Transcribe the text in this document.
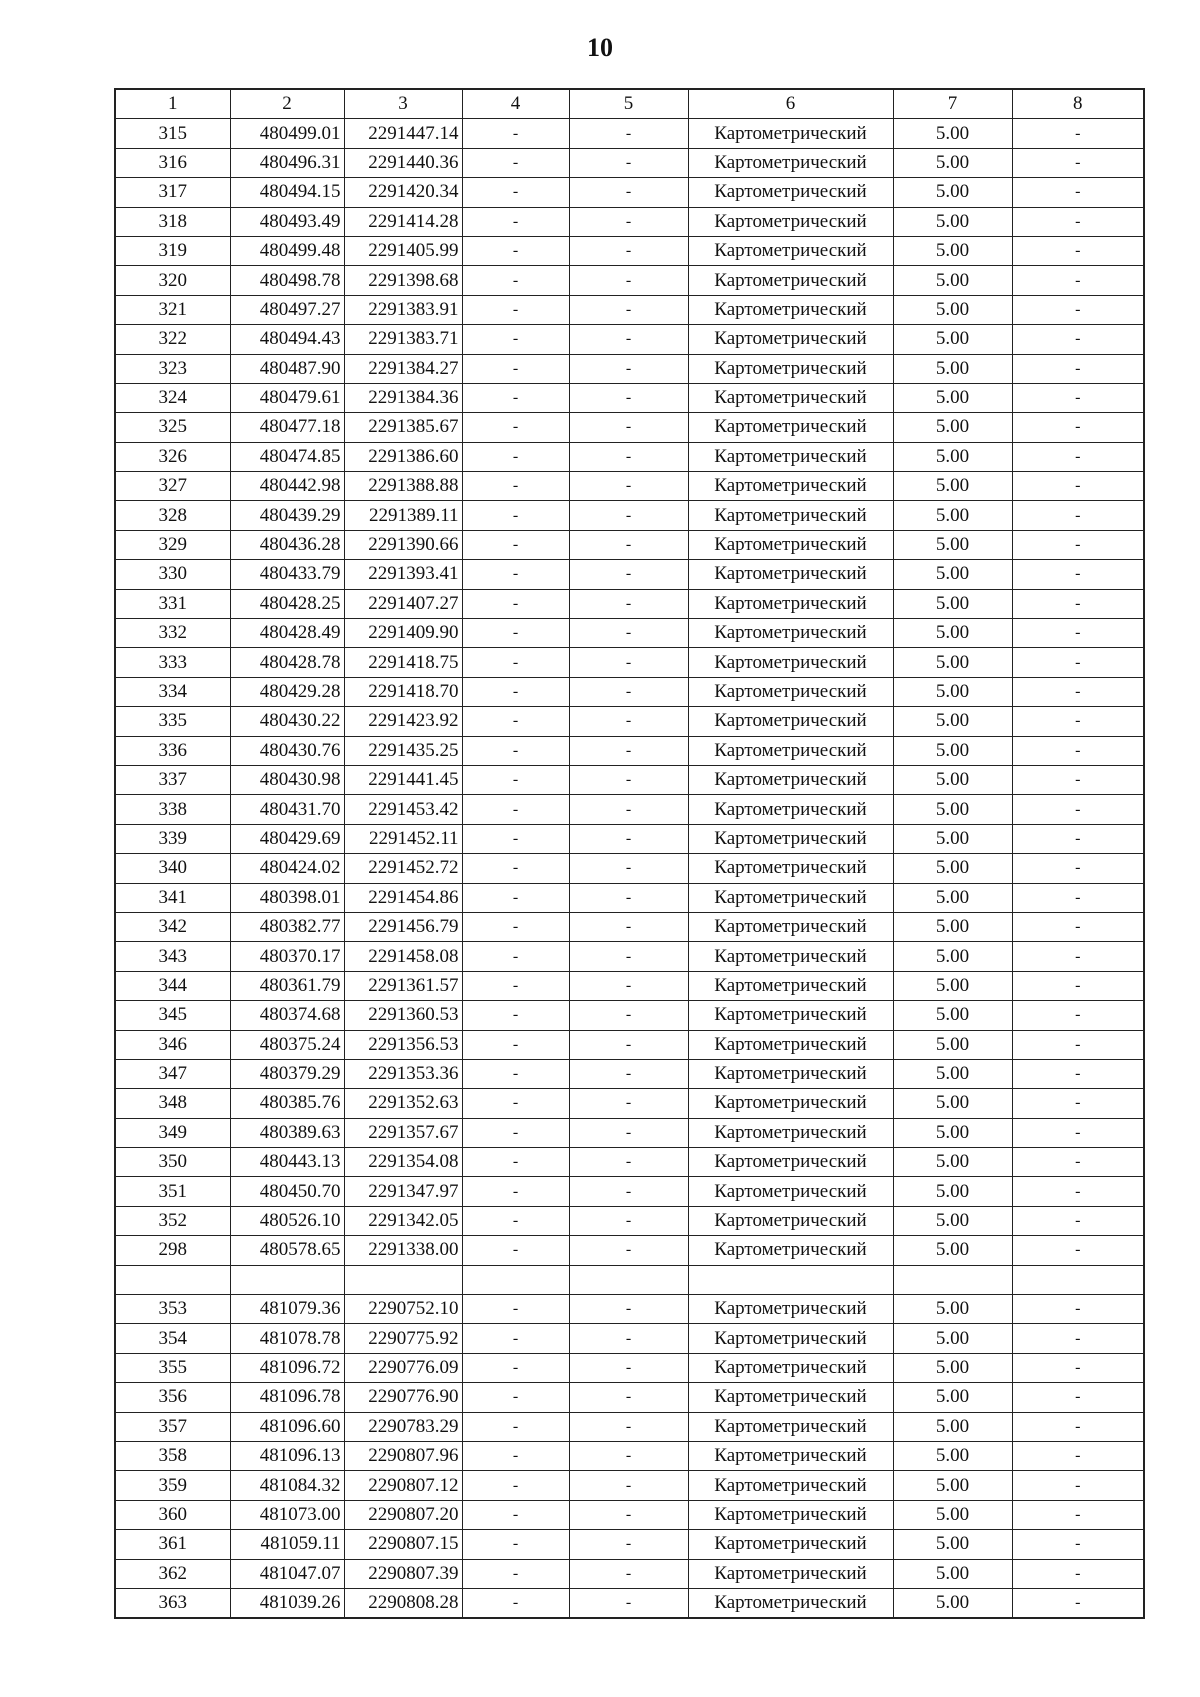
10
1	2	3	4	5	6	7	8
315	480499.01	2291447.14	-	-	Картометрический	5.00	-
316	480496.31	2291440.36	-	-	Картометрический	5.00	-
317	480494.15	2291420.34	-	-	Картометрический	5.00	-
318	480493.49	2291414.28	-	-	Картометрический	5.00	-
319	480499.48	2291405.99	-	-	Картометрический	5.00	-
320	480498.78	2291398.68	-	-	Картометрический	5.00	-
321	480497.27	2291383.91	-	-	Картометрический	5.00	-
322	480494.43	2291383.71	-	-	Картометрический	5.00	-
323	480487.90	2291384.27	-	-	Картометрический	5.00	-
324	480479.61	2291384.36	-	-	Картометрический	5.00	-
325	480477.18	2291385.67	-	-	Картометрический	5.00	-
326	480474.85	2291386.60	-	-	Картометрический	5.00	-
327	480442.98	2291388.88	-	-	Картометрический	5.00	-
328	480439.29	2291389.11	-	-	Картометрический	5.00	-
329	480436.28	2291390.66	-	-	Картометрический	5.00	-
330	480433.79	2291393.41	-	-	Картометрический	5.00	-
331	480428.25	2291407.27	-	-	Картометрический	5.00	-
332	480428.49	2291409.90	-	-	Картометрический	5.00	-
333	480428.78	2291418.75	-	-	Картометрический	5.00	-
334	480429.28	2291418.70	-	-	Картометрический	5.00	-
335	480430.22	2291423.92	-	-	Картометрический	5.00	-
336	480430.76	2291435.25	-	-	Картометрический	5.00	-
337	480430.98	2291441.45	-	-	Картометрический	5.00	-
338	480431.70	2291453.42	-	-	Картометрический	5.00	-
339	480429.69	2291452.11	-	-	Картометрический	5.00	-
340	480424.02	2291452.72	-	-	Картометрический	5.00	-
341	480398.01	2291454.86	-	-	Картометрический	5.00	-
342	480382.77	2291456.79	-	-	Картометрический	5.00	-
343	480370.17	2291458.08	-	-	Картометрический	5.00	-
344	480361.79	2291361.57	-	-	Картометрический	5.00	-
345	480374.68	2291360.53	-	-	Картометрический	5.00	-
346	480375.24	2291356.53	-	-	Картометрический	5.00	-
347	480379.29	2291353.36	-	-	Картометрический	5.00	-
348	480385.76	2291352.63	-	-	Картометрический	5.00	-
349	480389.63	2291357.67	-	-	Картометрический	5.00	-
350	480443.13	2291354.08	-	-	Картометрический	5.00	-
351	480450.70	2291347.97	-	-	Картометрический	5.00	-
352	480526.10	2291342.05	-	-	Картометрический	5.00	-
298	480578.65	2291338.00	-	-	Картометрический	5.00	-

353	481079.36	2290752.10	-	-	Картометрический	5.00	-
354	481078.78	2290775.92	-	-	Картометрический	5.00	-
355	481096.72	2290776.09	-	-	Картометрический	5.00	-
356	481096.78	2290776.90	-	-	Картометрический	5.00	-
357	481096.60	2290783.29	-	-	Картометрический	5.00	-
358	481096.13	2290807.96	-	-	Картометрический	5.00	-
359	481084.32	2290807.12	-	-	Картометрический	5.00	-
360	481073.00	2290807.20	-	-	Картометрический	5.00	-
361	481059.11	2290807.15	-	-	Картометрический	5.00	-
362	481047.07	2290807.39	-	-	Картометрический	5.00	-
363	481039.26	2290808.28	-	-	Картометрический	5.00	-
